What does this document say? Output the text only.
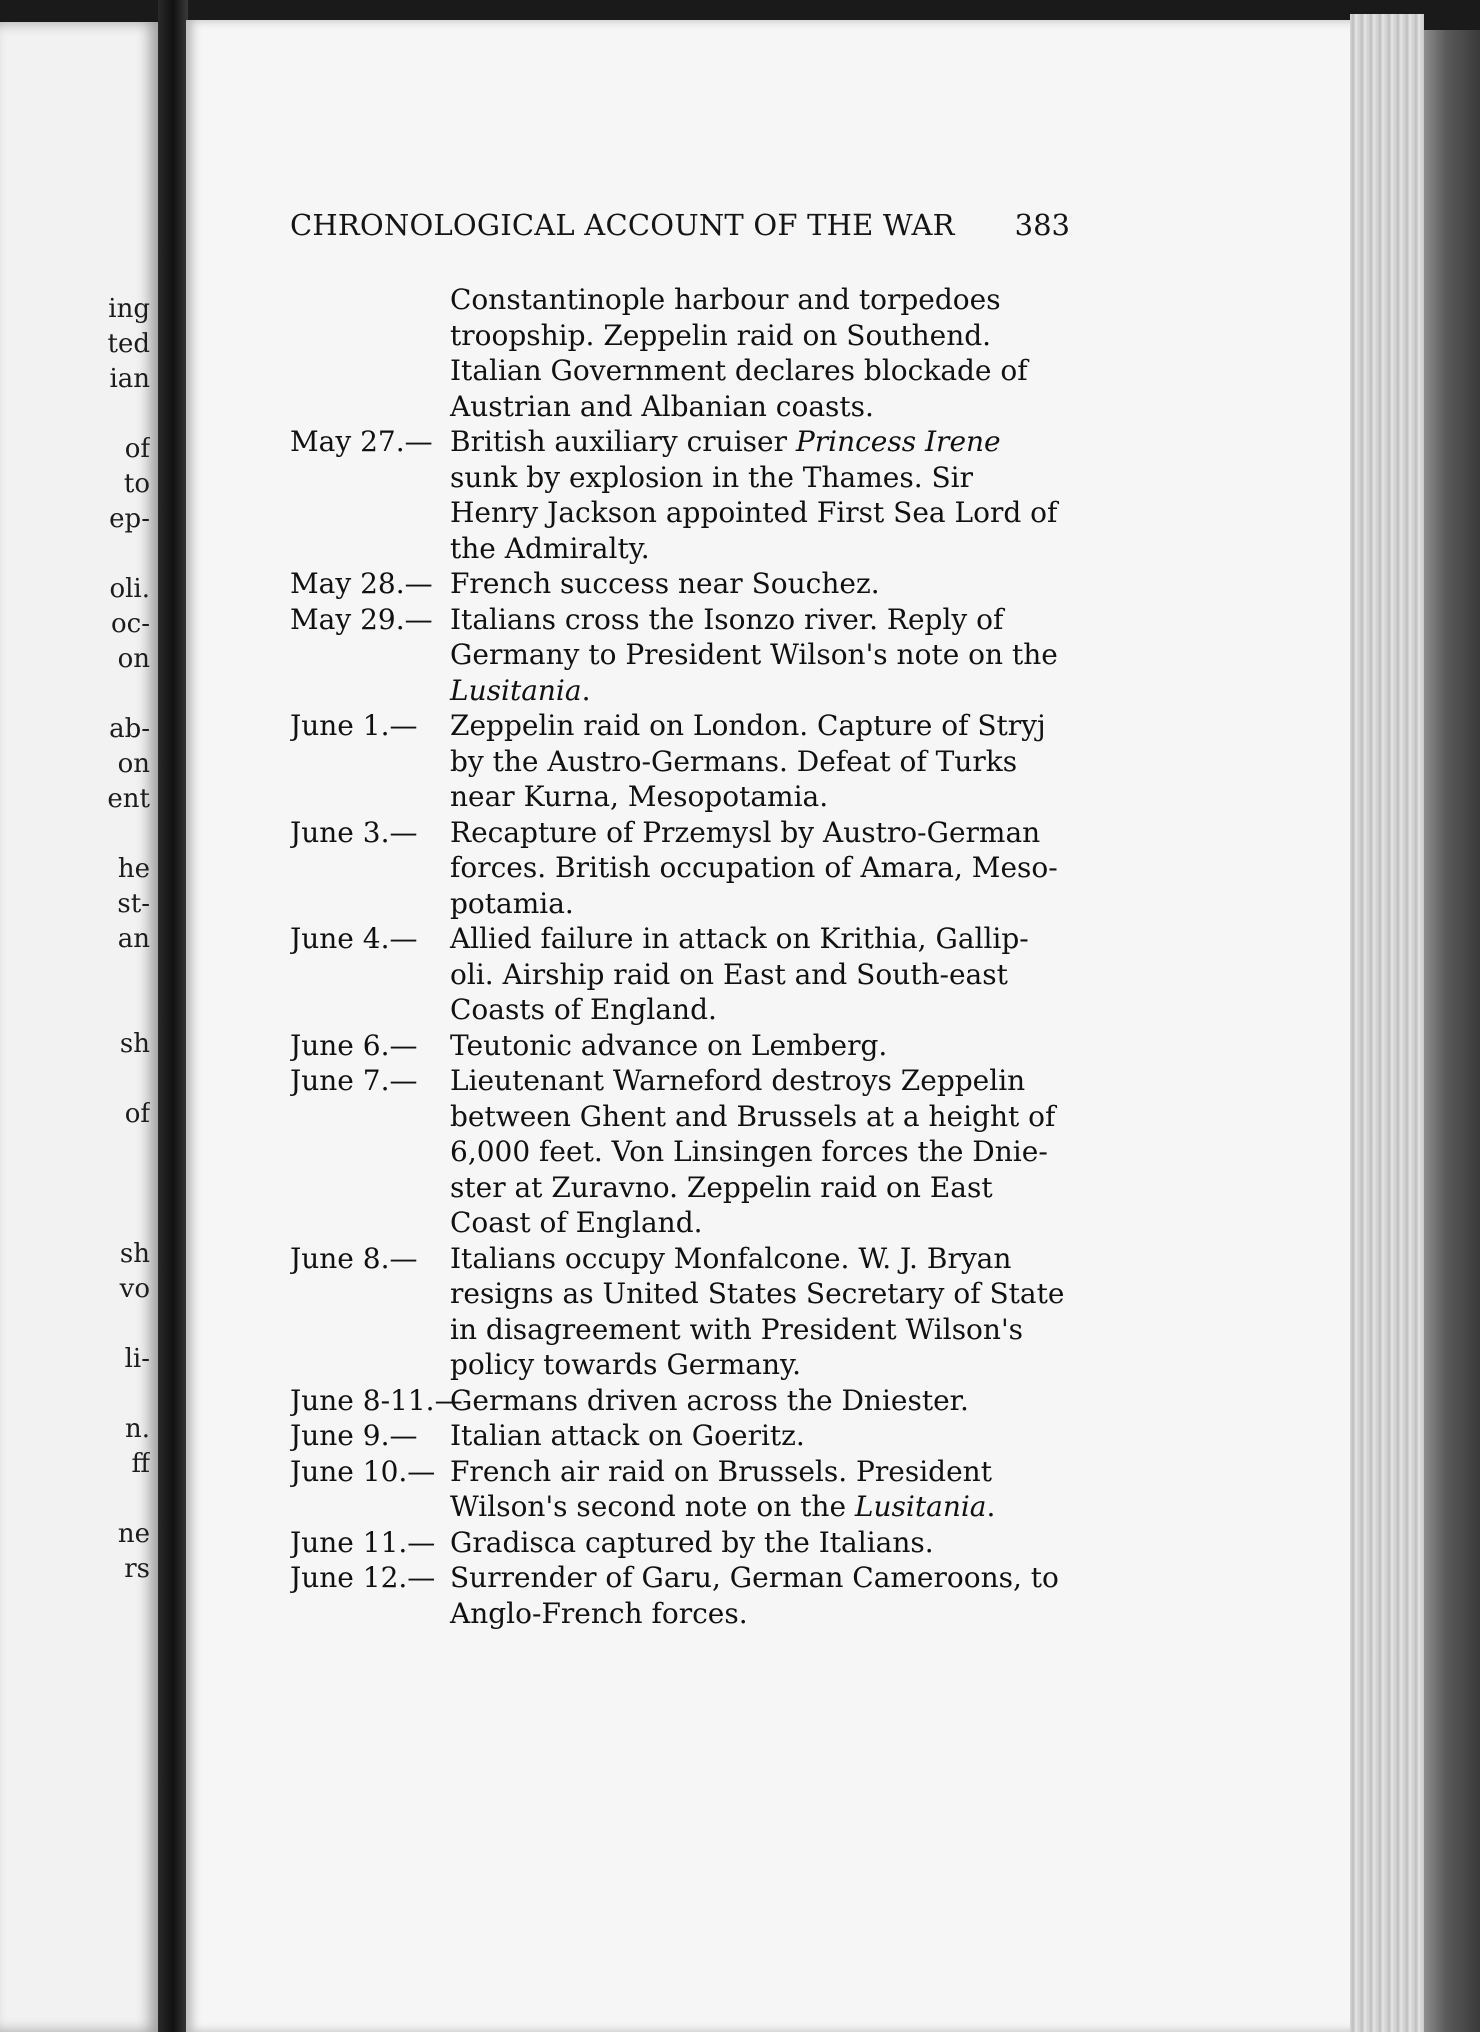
ing
ted
ian
of
to
ep-
oli.
oc-
on
ab-
on
ent
he
st-
an
sh
of
sh
vo
li-
n.
ff
ne
rs
CHRONOLOGICAL ACCOUNT OF THE WAR 383
Constantinople harbour and torpedoes
troopship. Zeppelin raid on Southend.
Italian Government declares blockade of
Austrian and Albanian coasts.
May 27.— British auxiliary cruiser Princess Irene
sunk by explosion in the Thames. Sir
Henry Jackson appointed First Sea Lord of
the Admiralty.
May 28.— French success near Souchez.
May 29.— Italians cross the Isonzo river. Reply of
Germany to President Wilson's note on the
Lusitania.
June 1.— Zeppelin raid on London. Capture of Stryj
by the Austro-Germans. Defeat of Turks
near Kurna, Mesopotamia.
June 3.— Recapture of Przemysl by Austro-German
forces. British occupation of Amara, Meso-
potamia.
June 4.— Allied failure in attack on Krithia, Gallip-
oli. Airship raid on East and South-east
Coasts of England.
June 6.— Teutonic advance on Lemberg.
June 7.— Lieutenant Warneford destroys Zeppelin
between Ghent and Brussels at a height of
6,000 feet. Von Linsingen forces the Dnie-
ster at Zuravno. Zeppelin raid on East
Coast of England.
June 8.— Italians occupy Monfalcone. W. J. Bryan
resigns as United States Secretary of State
in disagreement with President Wilson's
policy towards Germany.
June 8-11.—
Germans driven across the Dniester.
June 9.— Italian attack on Goeritz.
June 10.— French air raid on Brussels. President
Wilson's second note on the Lusitania.
June 11.— Gradisca captured by the Italians.
June 12.— Surrender of Garu, German Cameroons, to
Anglo-French forces.
